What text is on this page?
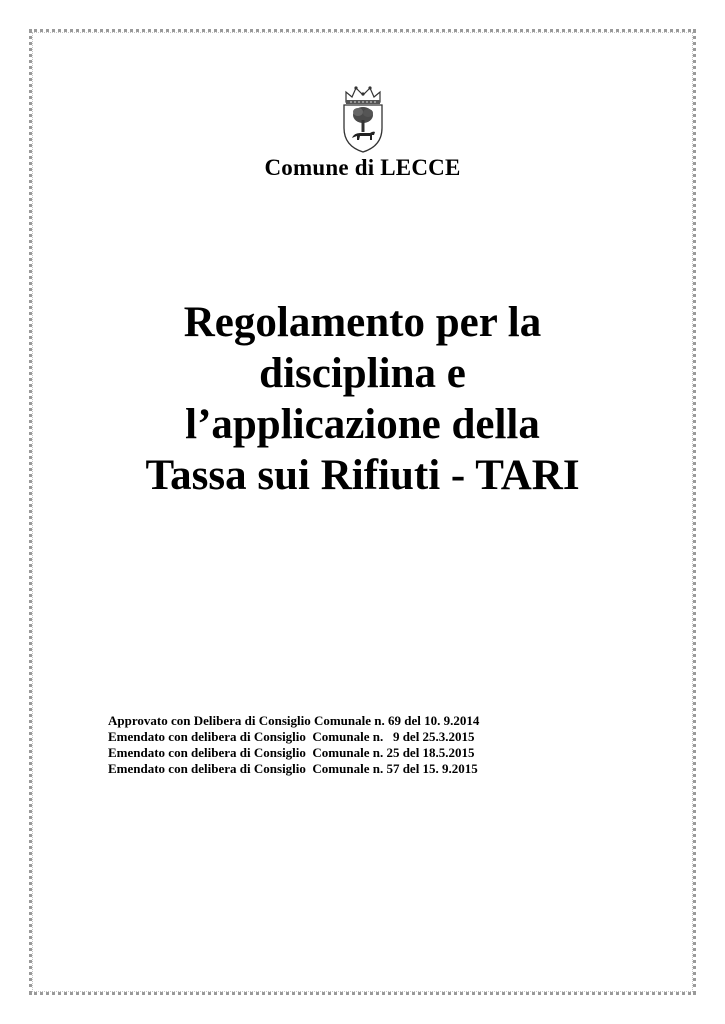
Comune di LECCE
Regolamento per la
disciplina e
l’applicazione della
Tassa sui Rifiuti - TARI
Approvato con Delibera di Consiglio Comunale n. 69 del 10. 9.2014
Emendato con delibera di Consiglio  Comunale n.   9 del 25.3.2015
Emendato con delibera di Consiglio  Comunale n. 25 del 18.5.2015
Emendato con delibera di Consiglio  Comunale n. 57 del 15. 9.2015
